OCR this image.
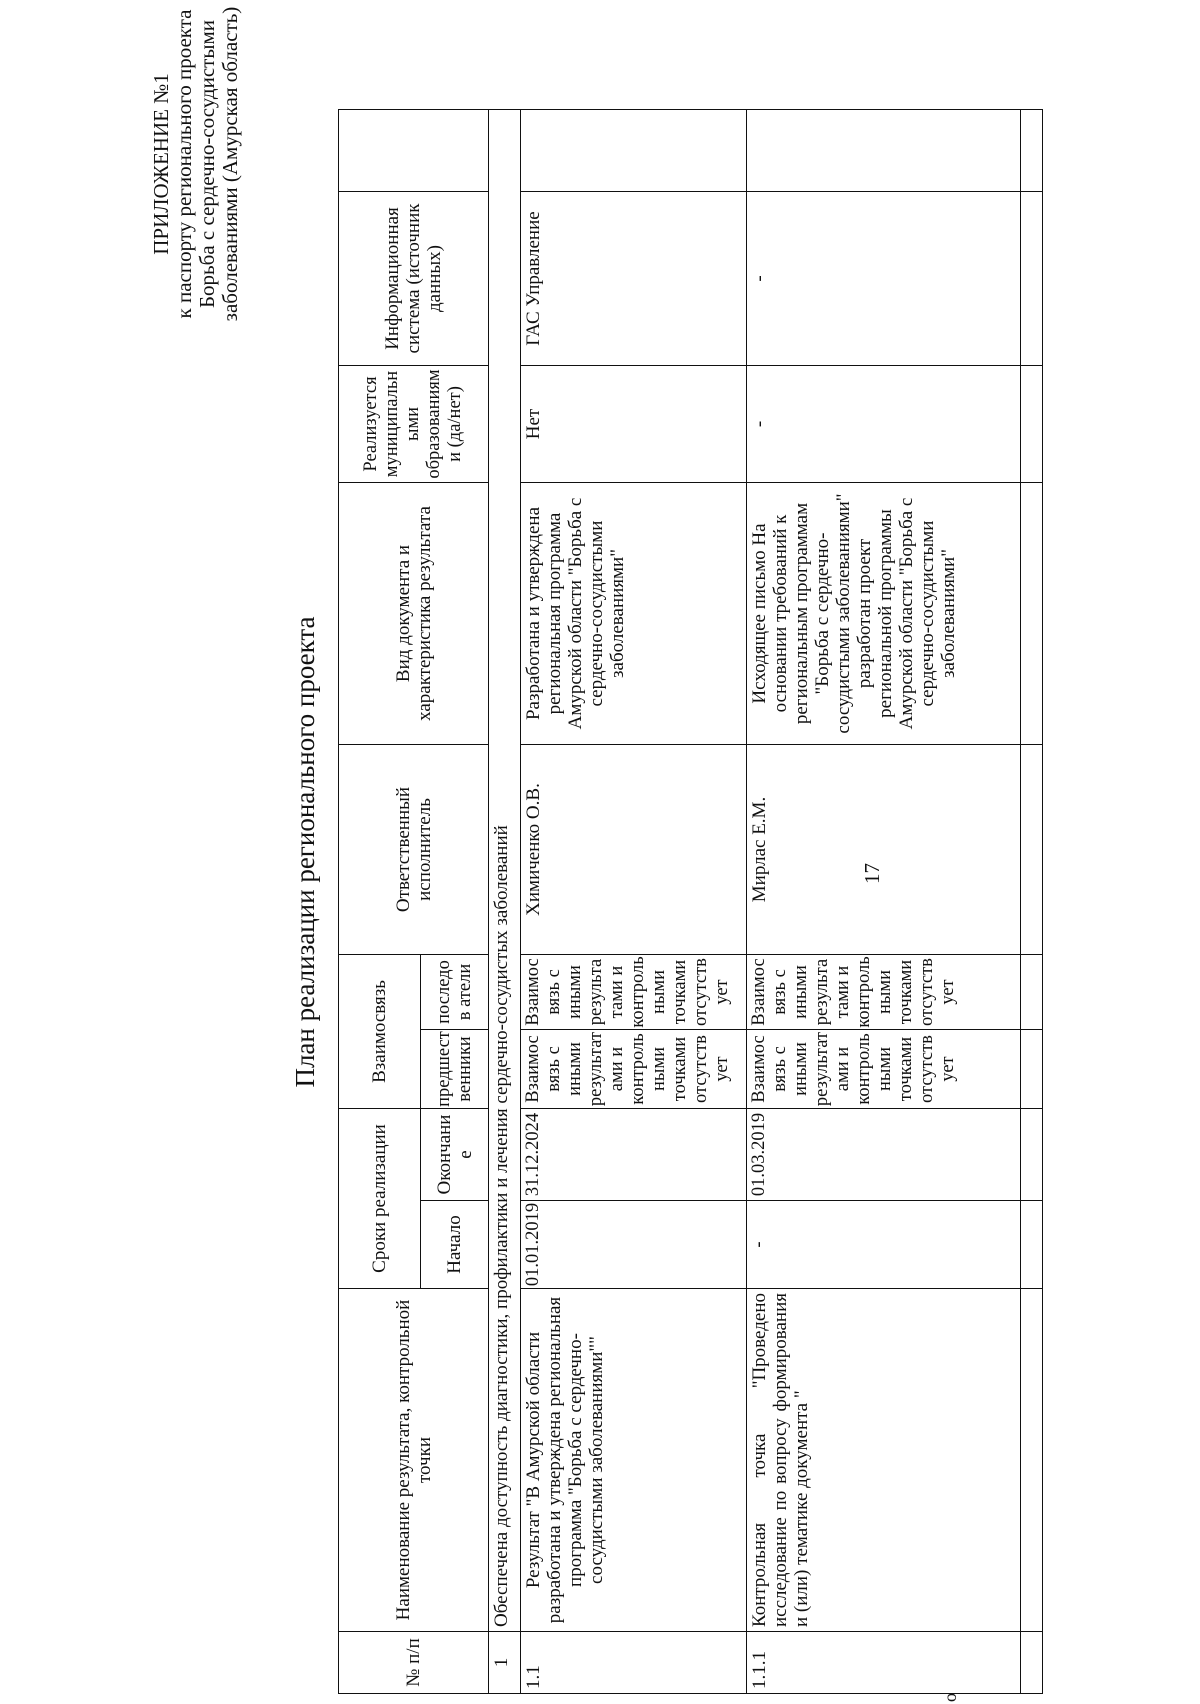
ПРИЛОЖЕНИЕ №1 к паспорту регионального проекта Борьба с сердечно-сосудистыми заболеваниями (Амурская область)
17
о
План реализации регионального проекта
№ п/п	Наименование результата, контрольной точки	Сроки реализации		Взаимосвязь		Ответственный исполнитель	Вид документа и характеристика результата	Реализуется муниципальными образованиями (да/нет)	Информационная система (источник данных)	
		Начало	Окончание	предшест венники	последов атели					
1	Обеспечена доступность диагностики, профилактики и лечения сердечно-сосудистых заболеваний									
1.1	Результат "В Амурской области разработана и утверждена региональная программа "Борьба с сердечно-сосудистыми заболеваниями""	01.01.2019	31.12.2024	Взаимосвязь с иными результатами и контрольными точками отсутствует	Взаимосвязь с иными результатами и контрольными точками отсутствует	Химиченко О.В.	Разработана и утверждена региональная программа Амурской области "Борьба с сердечно-сосудистыми заболеваниями"	Нет	ГАС Управление	
1.1.1	Контрольная точка "Проведено исследование по вопросу формирования и (или) тематике документа "	-	01.03.2019	Взаимосвязь с иными результатами и контрольными точками отсутствует	Взаимосвязь с иными результатами и контрольными точками отсутствует	Мирлас Е.М.	Исходящее письмо На основании требований к региональным программам "Борьба с сердечно-сосудистыми заболеваниями" разработан проект региональной программы Амурской области "Борьба с сердечно-сосудистыми заболеваниями"	-	-	
